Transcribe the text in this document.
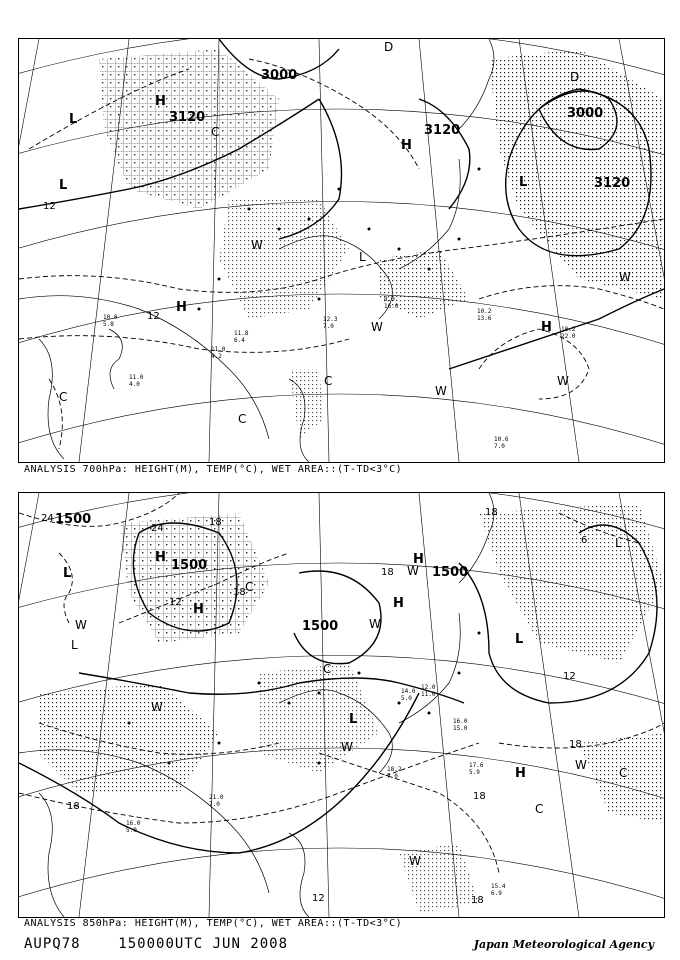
3000
3120	3000
3120
3120
12
12
H
L
L	L
D
D
H
H
L
H
C
C
C
C
W
W
W
W
W
10.6 7.0
10.2 22.0
10.2 13.6
11.8 6.4
11.0 4.2
10.0 5.8
11.0 4.0
12.3 7.0
8.0 16.0
ANALYSIS 700hPa: HEIGHT(M), TEMP(°C), WET AREA::(T-TD<3°C)
1500
1500
1500
1500
24
24
18
12
18
18
18
12
6
18
18
18
18
12
H
H	H
H
L
L
L
H
L
L
W
W
W
W
W
W
W
C
C
C
C
17.6 5.9
18.2 7.0
16.0 15.0
14.0 5.0
12.0 11.0
21.0 7.0
16.0 5.0
15.4 6.9
ANALYSIS 850hPa: HEIGHT(M), TEMP(°C), WET AREA::(T-TD<3°C)
AUPQ78	150000UTC JUN 2008	Japan Meteorological Agency
